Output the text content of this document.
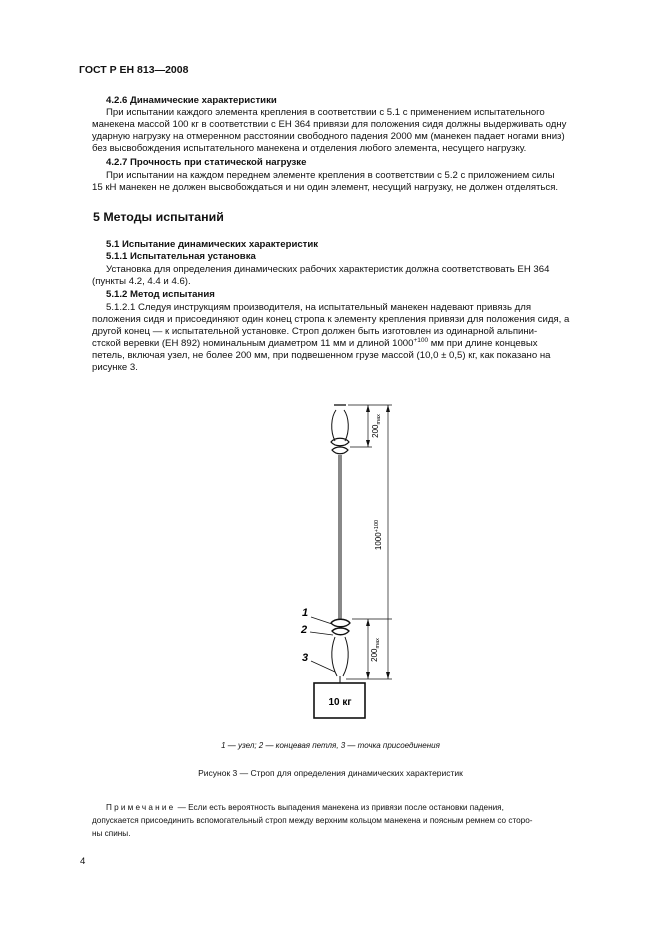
ГОСТ Р ЕН 813—2008
4.2.6 Динамические характеристики
При испытании каждого элемента крепления в соответствии с 5.1 с применением испытательного
манекена массой 100 кг в соответствии с ЕН 364 привязи для положения сидя должны выдерживать одну
ударную нагрузку на отмеренном расстоянии свободного падения 2000 мм (манекен падает ногами вниз)
без высвобождения испытательного манекена и отделения любого элемента, несущего нагрузку.
4.2.7 Прочность при статической нагрузке
При испытании на каждом переднем элементе крепления в соответствии с 5.2 с приложением силы
15 кН манекен не должен высвобождаться и ни один элемент, несущий нагрузку, не должен отделяться.
5 Методы испытаний
5.1 Испытание динамических характеристик
5.1.1 Испытательная установка
Установка для определения динамических рабочих характеристик должна соответствовать ЕН 364
(пункты 4.2, 4.4 и 4.6).
5.1.2 Метод испытания
5.1.2.1 Следуя инструкциям производителя, на испытательный манекен надевают привязь для
положения сидя и присоединяют один конец стропа к элементу крепления привязи для положения сидя, а
другой конец — к испытательной установке. Строп должен быть изготовлен из одинарной альпини-
стской веревки (ЕН 892) номинальным диаметром 11 мм и длиной $1000^{+100}$ мм при длине концевых
петель, включая узел, не более 200 мм, при подвешенном грузе массой (10,0 ± 0,5) кг, как показано на
рисунке 3.
1
2
3
$200_{max}$
$1000^{+100}$
$200_{max}$
10 кг
1 — узел; 2 — концевая петля, 3 — точка присоединения
Рисунок 3 — Строп для определения динамических характеристик
Примечание — Если есть вероятность выпадения манекена из привязи после остановки падения,
допускается присоединить вспомогательный строп между верхним кольцом манекена и поясным ремнем со сторо-
ны спины.
4
